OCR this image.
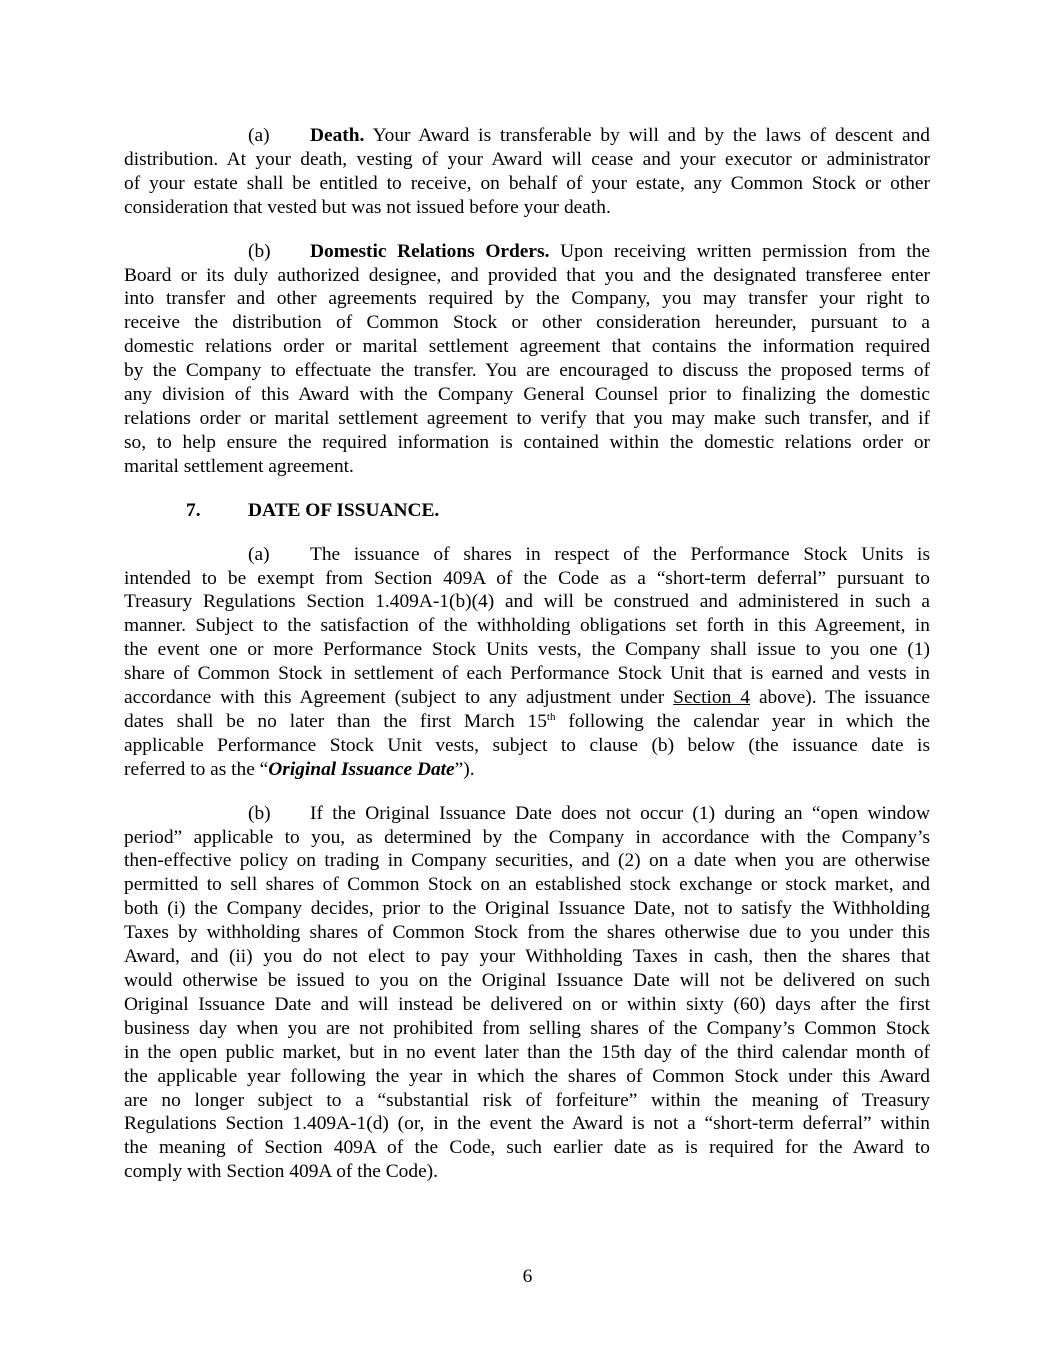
(a) Death. Your Award is transferable by will and by the laws of descent and
distribution. At your death, vesting of your Award will cease and your executor or administrator
of your estate shall be entitled to receive, on behalf of your estate, any Common Stock or other
consideration that vested but was not issued before your death.
(b) Domestic Relations Orders. Upon receiving written permission from the
Board or its duly authorized designee, and provided that you and the designated transferee enter
into transfer and other agreements required by the Company, you may transfer your right to
receive the distribution of Common Stock or other consideration hereunder, pursuant to a
domestic relations order or marital settlement agreement that contains the information required
by the Company to effectuate the transfer. You are encouraged to discuss the proposed terms of
any division of this Award with the Company General Counsel prior to finalizing the domestic
relations order or marital settlement agreement to verify that you may make such transfer, and if
so, to help ensure the required information is contained within the domestic relations order or
marital settlement agreement.
7. DATE OF ISSUANCE.
(a) The issuance of shares in respect of the Performance Stock Units is
intended to be exempt from Section 409A of the Code as a “short-term deferral” pursuant to
Treasury Regulations Section 1.409A-1(b)(4) and will be construed and administered in such a
manner. Subject to the satisfaction of the withholding obligations set forth in this Agreement, in
the event one or more Performance Stock Units vests, the Company shall issue to you one (1)
share of Common Stock in settlement of each Performance Stock Unit that is earned and vests in
accordance with this Agreement (subject to any adjustment under Section 4 above). The issuance
dates shall be no later than the first March 15th following the calendar year in which the
applicable Performance Stock Unit vests, subject to clause (b) below (the issuance date is
referred to as the “Original Issuance Date”).
(b) If the Original Issuance Date does not occur (1) during an “open window
period” applicable to you, as determined by the Company in accordance with the Company’s
then-effective policy on trading in Company securities, and (2) on a date when you are otherwise
permitted to sell shares of Common Stock on an established stock exchange or stock market, and
both (i) the Company decides, prior to the Original Issuance Date, not to satisfy the Withholding
Taxes by withholding shares of Common Stock from the shares otherwise due to you under this
Award, and (ii) you do not elect to pay your Withholding Taxes in cash, then the shares that
would otherwise be issued to you on the Original Issuance Date will not be delivered on such
Original Issuance Date and will instead be delivered on or within sixty (60) days after the first
business day when you are not prohibited from selling shares of the Company’s Common Stock
in the open public market, but in no event later than the 15th day of the third calendar month of
the applicable year following the year in which the shares of Common Stock under this Award
are no longer subject to a “substantial risk of forfeiture” within the meaning of Treasury
Regulations Section 1.409A-1(d) (or, in the event the Award is not a “short-term deferral” within
the meaning of Section 409A of the Code, such earlier date as is required for the Award to
comply with Section 409A of the Code).
6
